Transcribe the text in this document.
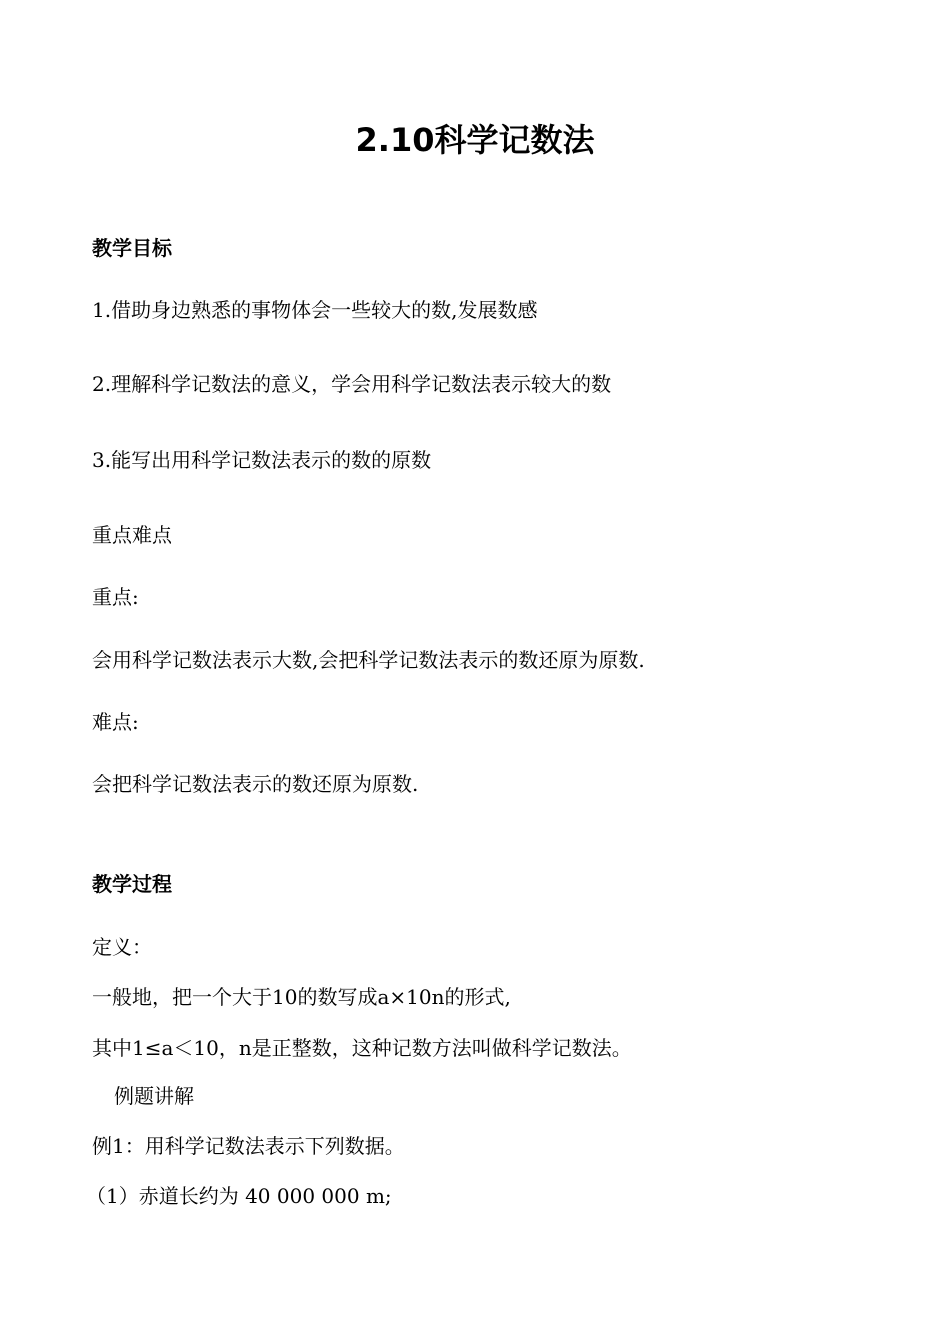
2.10科学记数法
教学目标
1.借助身边熟悉的事物体会一些较大的数,发展数感
2.理解科学记数法的意义，学会用科学记数法表示较大的数
3.能写出用科学记数法表示的数的原数
重点难点
重点:
会用科学记数法表示大数,会把科学记数法表示的数还原为原数.
难点:
会把科学记数法表示的数还原为原数.
教学过程
定义：
一般地，把一个大于10的数写成a×10n的形式,
其中1≤a＜10，n是正整数，这种记数方法叫做科学记数法。
例题讲解
例1：用科学记数法表示下列数据。
（1）赤道长约为 40 000 000 m;
